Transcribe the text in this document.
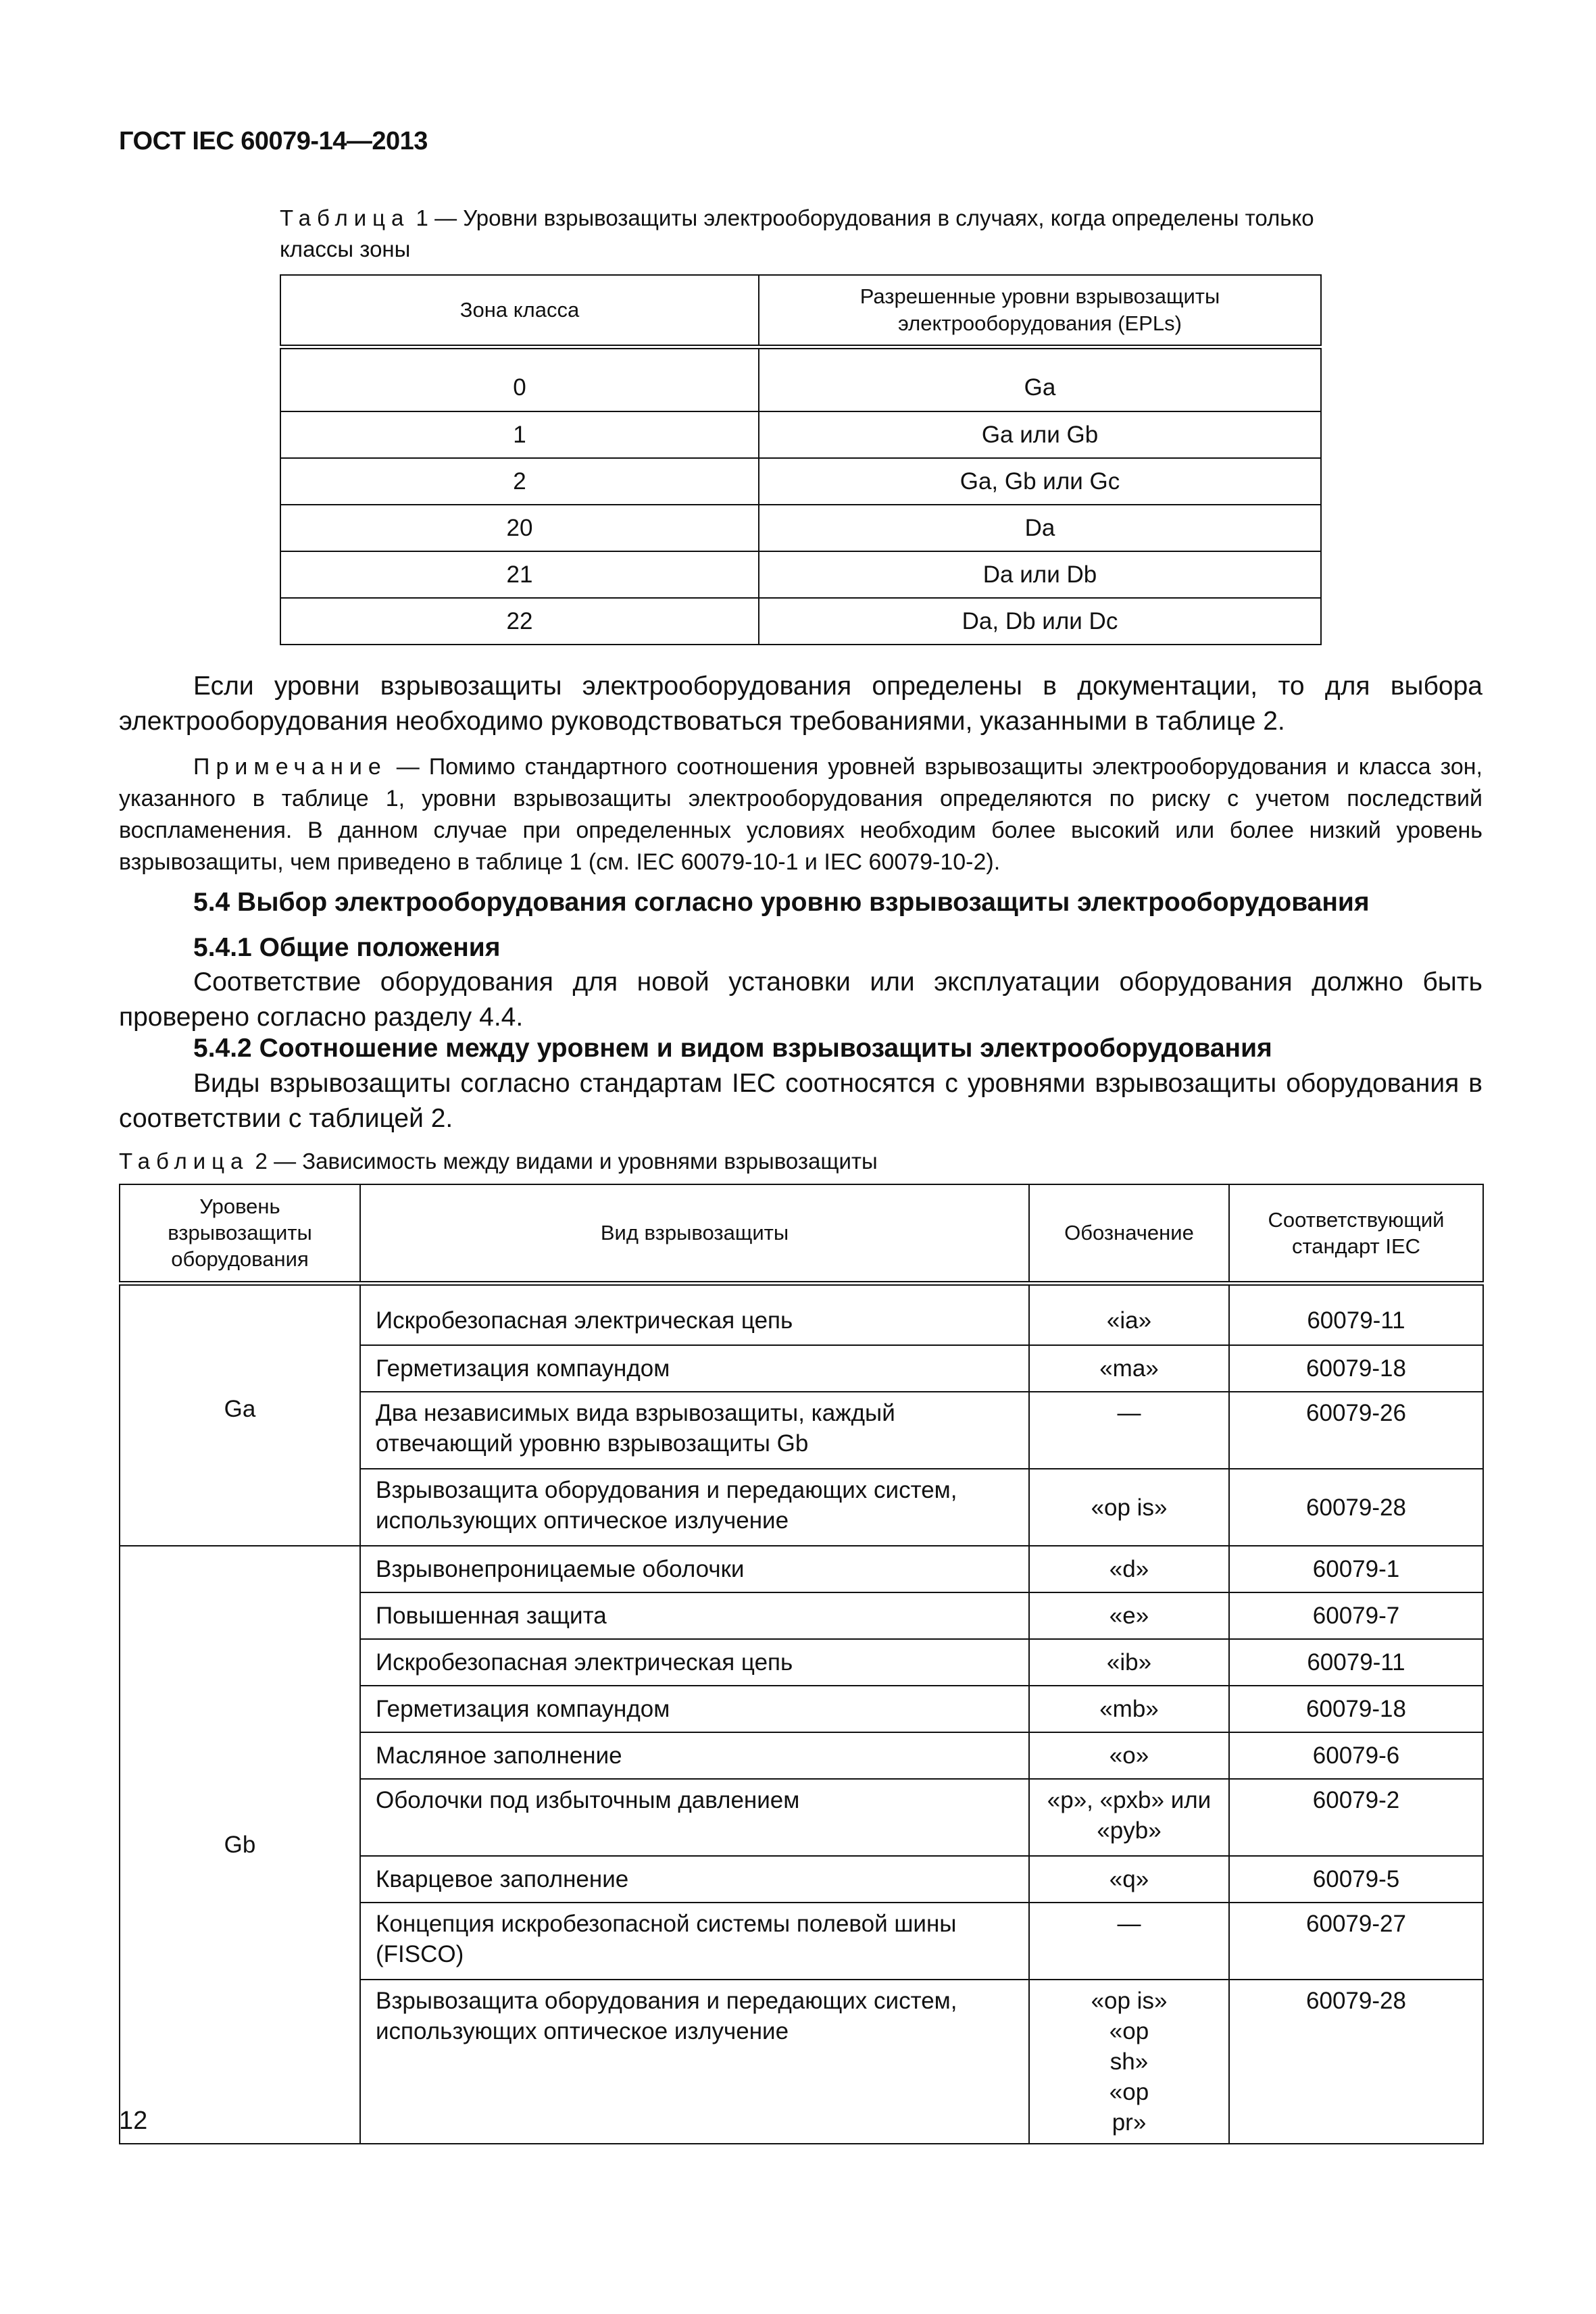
ГОСТ IEC 60079-14—2013
Таблица 1 — Уровни взрывозащиты электрооборудования в случаях, когда определены только классы зоны
Зона класса	Разрешенные уровни взрывозащиты электрооборудования (EPLs)
0	Ga
1	Ga или Gb
2	Ga, Gb или Gc
20	Da
21	Da или Db
22	Da, Db или Dc

Если уровни взрывозащиты электрооборудования определены в документации, то для выбора электрооборудования необходимо руководствоваться требованиями, указанными в таблице 2.

Примечание — Помимо стандартного соотношения уровней взрывозащиты электрооборудования и класса зон, указанного в таблице 1, уровни взрывозащиты электрооборудования определяются по риску с учетом последствий воспламенения. В данном случае при определенных условиях необходим более высокий или более низкий уровень взрывозащиты, чем приведено в таблице 1 (см. IEC 60079-10-1 и IEC 60079-10-2).

5.4 Выбор электрооборудования согласно уровню взрывозащиты электрооборудования
5.4.1 Общие положения

Соответствие оборудования для новой установки или эксплуатации оборудования должно быть проверено согласно разделу 4.4.

5.4.2 Соотношение между уровнем и видом взрывозащиты электрооборудования

Виды взрывозащиты согласно стандартам IEC соотносятся с уровнями взрывозащиты оборудования в соответствии с таблицей 2.

Таблица 2 — Зависимость между видами и уровнями взрывозащиты
Уровень взрывозащиты оборудования	Вид взрывозащиты	Обозначение	Соответствующий стандарт IEC
Ga	Искробезопасная электрическая цепь	«ia»	60079-11
	Герметизация компаундом	«ma»	60079-18
	Два независимых вида взрывозащиты, каждый отвечающий уровню взрывозащиты Gb	—	60079-26
	Взрывозащита оборудования и передающих систем, использующих оптическое излучение	«op is»	60079-28
Gb	Взрывонепроницаемые оболочки	«d»	60079-1
	Повышенная защита	«e»	60079-7
	Искробезопасная электрическая цепь	«ib»	60079-11
	Герметизация компаундом	«mb»	60079-18
	Масляное заполнение	«o»	60079-6
	Оболочки под избыточным давлением	«p», «pxb» или «pyb»	60079-2
	Кварцевое заполнение	«q»	60079-5
	Концепция искробезопасной системы полевой шины (FISCO)	—	60079-27
	Взрывозащита оборудования и передающих систем, использующих оптическое излучение	«op is» «op sh» «op pr»	60079-28
12
